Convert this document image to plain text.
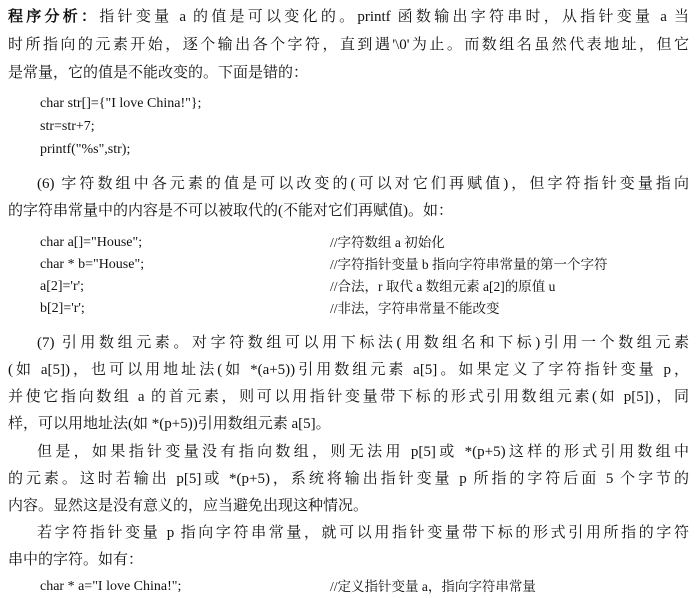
程序分析：指针变量 a 的值是可以变化的。printf 函数输出字符串时，从指针变量 a 当
时所指向的元素开始，逐个输出各个字符，直到遇'\0'为止。而数组名虽然代表地址，但它
是常量，它的值是不能改变的。下面是错的：
char str[]={"I love China!"};
str=str+7;
printf("%s",str);
(6) 字符数组中各元素的值是可以改变的(可以对它们再赋值)，但字符指针变量指向
的字符串常量中的内容是不可以被取代的(不能对它们再赋值)。如：
char a[]="House";	//字符数组 a 初始化
char * b="House";	//字符指针变量 b 指向字符串常量的第一个字符
a[2]='r';	//合法，r 取代 a 数组元素 a[2]的原值 u
b[2]='r';	//非法，字符串常量不能改变
(7) 引用数组元素。对字符数组可以用下标法(用数组名和下标)引用一个数组元素
(如 a[5])，也可以用地址法(如 *(a+5))引用数组元素 a[5]。如果定义了字符指针变量 p，
并使它指向数组 a 的首元素，则可以用指针变量带下标的形式引用数组元素(如 p[5])，同
样，可以用地址法(如 *(p+5))引用数组元素 a[5]。
但是，如果指针变量没有指向数组，则无法用 p[5]或 *(p+5)这样的形式引用数组中
的元素。这时若输出 p[5]或 *(p+5)，系统将输出指针变量 p 所指的字符后面 5 个字节的
内容。显然这是没有意义的，应当避免出现这种情况。
若字符指针变量 p 指向字符串常量，就可以用指针变量带下标的形式引用所指的字符
串中的字符。如有：
char * a="I love China!";	//定义指针变量 a，指向字符串常量
